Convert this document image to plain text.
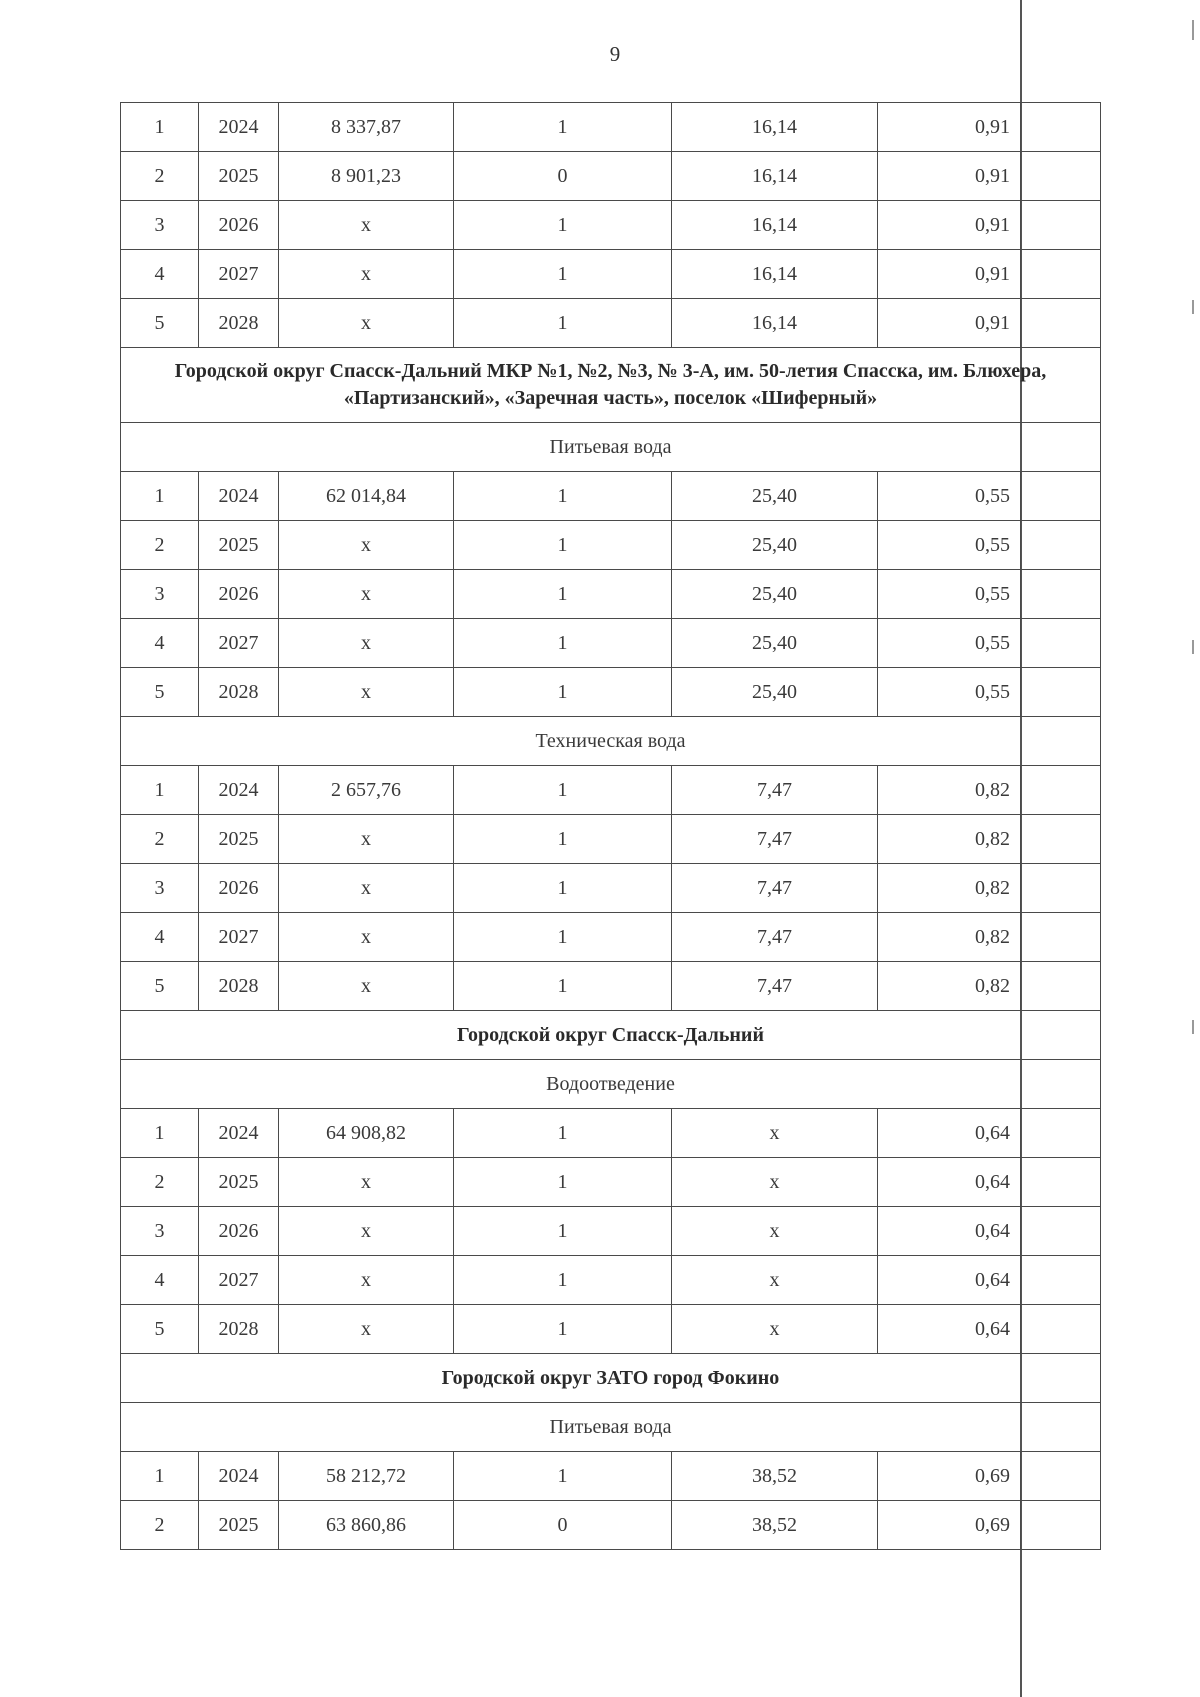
9
1	2024	8 337,87	1	16,14	0,91	
2	2025	8 901,23	0	16,14	0,91	
3	2026	x	1	16,14	0,91	
4	2027	x	1	16,14	0,91	
5	2028	x	1	16,14	0,91	
Городской округ Спасск-Дальний МКР №1, №2, №3, № 3-А, им. 50-летия Спасска, им. Блюхера, «Партизанский», «Заречная часть», поселок «Шиферный»						
Питьевая вода						
1	2024	62 014,84	1	25,40	0,55	
2	2025	x	1	25,40	0,55	
3	2026	x	1	25,40	0,55	
4	2027	x	1	25,40	0,55	
5	2028	x	1	25,40	0,55	
Техническая вода						
1	2024	2 657,76	1	7,47	0,82	
2	2025	x	1	7,47	0,82	
3	2026	x	1	7,47	0,82	
4	2027	x	1	7,47	0,82	
5	2028	x	1	7,47	0,82	
Городской округ Спасск-Дальний						
Водоотведение						
1	2024	64 908,82	1	x	0,64	
2	2025	x	1	x	0,64	
3	2026	x	1	x	0,64	
4	2027	x	1	x	0,64	
5	2028	x	1	x	0,64	
Городской округ ЗАТО город Фокино						
Питьевая вода						
1	2024	58 212,72	1	38,52	0,69	
2	2025	63 860,86	0	38,52	0,69	
